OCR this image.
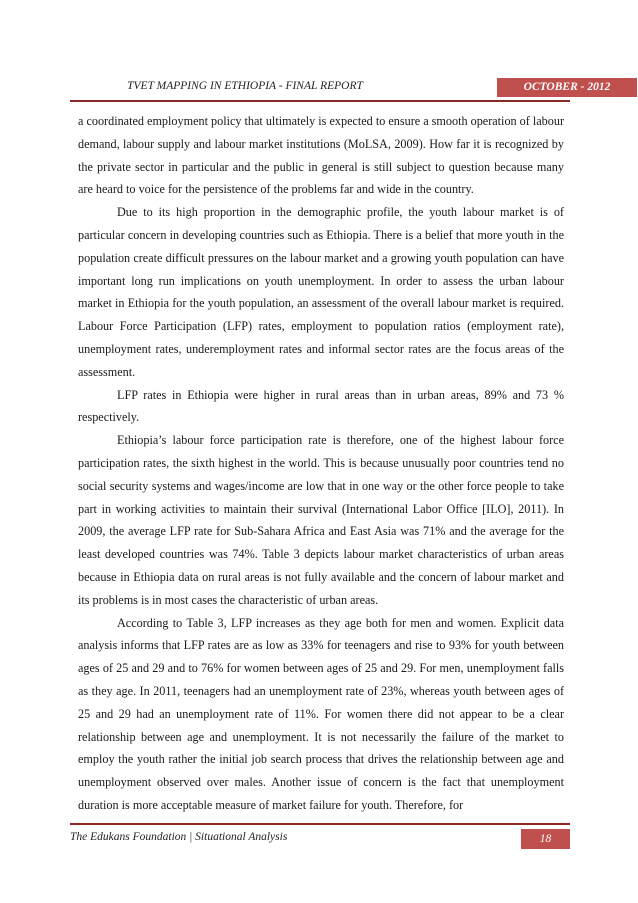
TVET MAPPING IN ETHIOPIA - FINAL REPORT	OCTOBER - 2012

a coordinated employment policy that ultimately is expected to ensure a smooth operation of labour demand, labour supply and labour market institutions (MoLSA, 2009). How far it is recognized by the private sector in particular and the public in general is still subject to question because many are heard to voice for the persistence of the problems far and wide in the country.

Due to its high proportion in the demographic profile, the youth labour market is of particular concern in developing countries such as Ethiopia. There is a belief that more youth in the population create difficult pressures on the labour market and a growing youth population can have important long run implications on youth unemployment. In order to assess the urban labour market in Ethiopia for the youth population, an assessment of the overall labour market is required. Labour Force Participation (LFP) rates, employment to population ratios (employment rate), unemployment rates, underemployment rates and informal sector rates are the focus areas of the assessment.

LFP rates in Ethiopia were higher in rural areas than in urban areas, 89% and 73 % respectively.

Ethiopia’s labour force participation rate is therefore, one of the highest labour force participation rates, the sixth highest in the world. This is because unusually poor countries tend no social security systems and wages/income are low that in one way or the other force people to take part in working activities to maintain their survival (International Labor Office [ILO], 2011). In 2009, the average LFP rate for Sub-Sahara Africa and East Asia was 71% and the average for the least developed countries was 74%. Table 3 depicts labour market characteristics of urban areas because in Ethiopia data on rural areas is not fully available and the concern of labour market and its problems is in most cases the characteristic of urban areas.

According to Table 3, LFP increases as they age both for men and women. Explicit data analysis informs that LFP rates are as low as 33% for teenagers and rise to 93% for youth between ages of 25 and 29 and to 76% for women between ages of 25 and 29. For men, unemployment falls as they age. In 2011, teenagers had an unemployment rate of 23%, whereas youth between ages of 25 and 29 had an unemployment rate of 11%. For women there did not appear to be a clear relationship between age and unemployment. It is not necessarily the failure of the market to employ the youth rather the initial job search process that drives the relationship between age and unemployment observed over males. Another issue of concern is the fact that unemployment duration is more acceptable measure of market failure for youth. Therefore, for

The Edukans Foundation | Situational Analysis	18
